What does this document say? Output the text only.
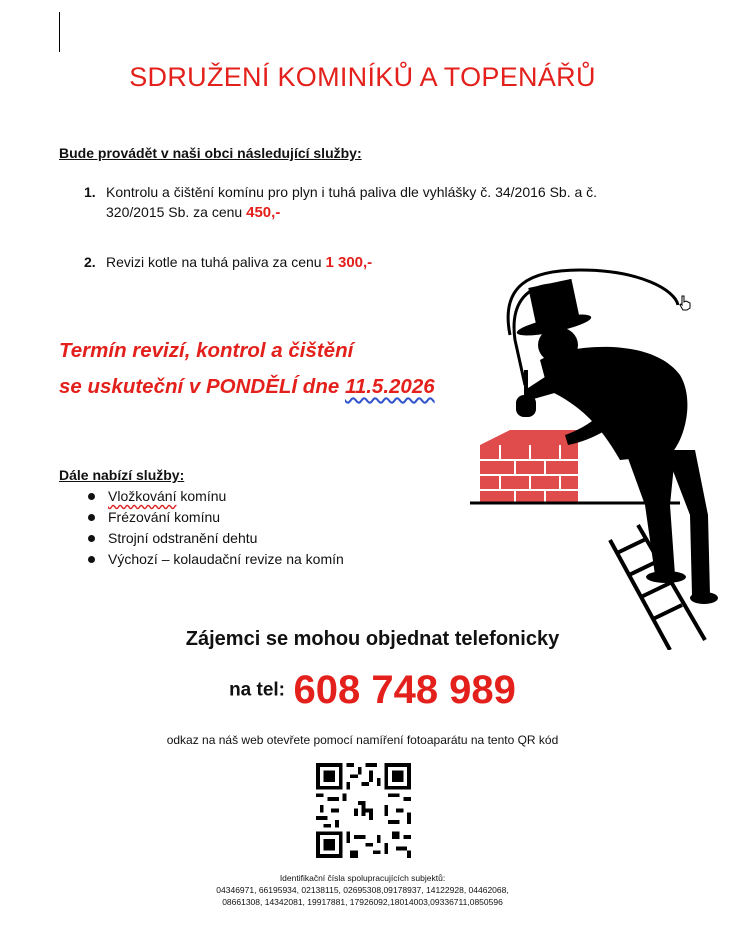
SDRUŽENÍ KOMINÍKŮ A TOPENÁŘŮ
Bude provádět v naši obci následující služby:
1. Kontrolu a čištění komínu pro plyn i tuhá paliva dle vyhlášky č. 34/2016 Sb. a č.
320/2015 Sb. za cenu 450,-
2. Revizi kotle na tuhá paliva za cenu 1 300,-
Termín revizí, kontrol a čištění
se uskuteční v PONDĚLÍ dne 11.5.2026
Dále nabízí služby:
Vložkování komínu
Frézování komínu
Strojní odstranění dehtu
Výchozí – kolaudační revize na komín
Zájemci se mohou objednat telefonicky
na tel: 608 748 989
odkaz na náš web otevřete pomocí namíření fotoaparátu na tento QR kód
Identifikační čísla spolupracujících subjektů:
04346971, 66195934, 02138115, 02695308,09178937, 14122928, 04462068,
08661308, 14342081, 19917881, 17926092,18014003,09336711,0850596
